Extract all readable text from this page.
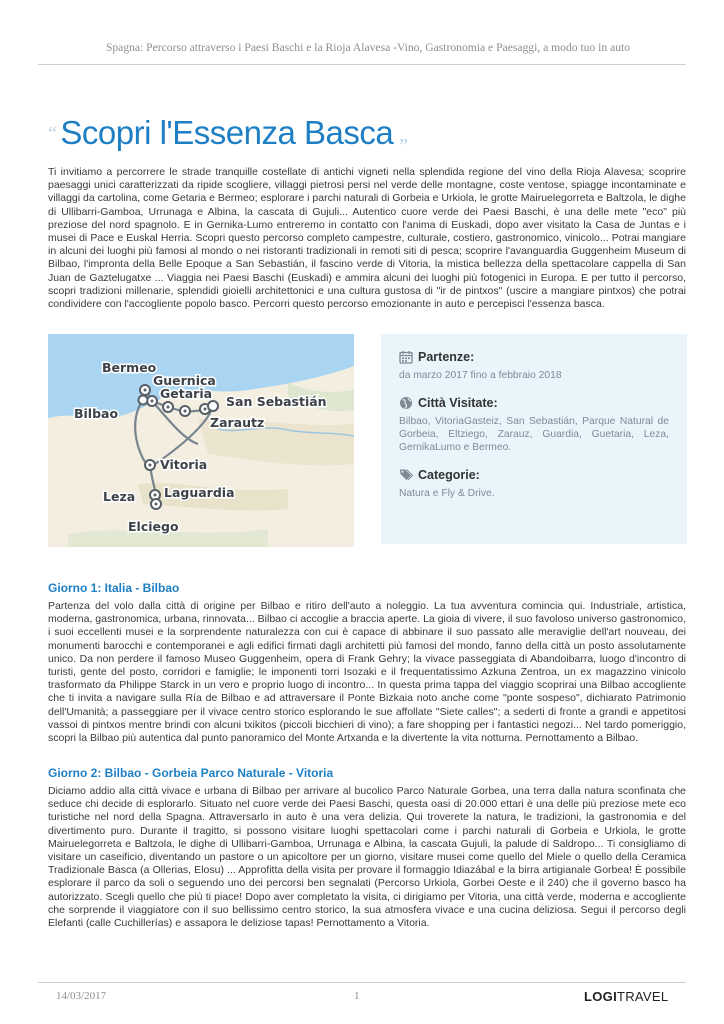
Spagna: Percorso attraverso i Paesi Baschi e la Rioja Alavesa -Vino, Gastronomia e Paesaggi, a modo tuo in auto
“ Scopri l'Essenza Basca $_”$

Ti invitiamo a percorrere le strade tranquille costellate di antichi vigneti nella splendida regione del vino della Rioja Alavesa; scoprire paesaggi unici caratterizzati da ripide scogliere, villaggi pietrosi persi nel verde delle montagne, coste ventose, spiagge incontaminate e villaggi da cartolina, come Getaria e Bermeo; esplorare i parchi naturali di Gorbeia e Urkiola, le grotte Mairuelegorreta e Baltzola, le dighe di Ullibarri-Gamboa, Urrunaga e Albina, la cascata di Gujuli... Autentico cuore verde dei Paesi Baschi, è una delle mete "eco" più preziose del nord spagnolo. E in Gernika-Lumo entreremo in contatto con l'anima di Euskadi, dopo aver visitato la Casa de Juntas e i musei di Pace e Euskal Herria. Scopri questo percorso completo campestre, culturale, costiero, gastronomico, vinicolo... Potrai mangiare in alcuni dei luoghi più famosi al mondo o nei ristoranti tradizionali in remoti siti di pesca; scoprire l'avanguardia Guggenheim Museum di Bilbao, l'impronta della Belle Epoque a San Sebastián, il fascino verde di Vitoria, la mistica bellezza della spettacolare cappella di San Juan de Gaztelugatxe ... Viaggia nei Paesi Baschi (Euskadi) e ammira alcuni dei luoghi più fotogenici in Europa. E per tutto il percorso, scopri tradizioni millenarie, splendidi gioielli architettonici e una cultura gustosa di "ir de pintxos" (uscire a mangiare pintxos) che potrai condividere con l'accogliente popolo basco. Percorri questo percorso emozionante in auto e percepisci l'essenza basca.

Bermeo
Guernica
Getaria
San Sebastián
Bilbao
Zarautz
Vitoria
Leza Laguardia
Elciego
Partenze:

da marzo 2017 fino a febbraio 2018

Città Visitate:

Bilbao, VitoriaGasteiz, San Sebastián, Parque Natural de Gorbeia, Eltziego, Zarauz, Guardia, Guetaria, Leza, GernikaLumo e Bermeo.

Categorie:

Natura e Fly & Drive.

Giorno 1: Italia - Bilbao

Partenza del volo dalla città di origine per Bilbao e ritiro dell'auto a noleggio. La tua avventura comincia qui. Industriale, artistica, moderna, gastronomica, urbana, rinnovata... Bilbao ci accoglie a braccia aperte. La gioia di vivere, il suo favoloso universo gastronomico, i suoi eccellenti musei e la sorprendente naturalezza con cui è capace di abbinare il suo passato alle meraviglie dell'art nouveau, dei monumenti barocchi e contemporanei e agli edifici firmati dagli architetti più famosi del mondo, fanno della città un posto assolutamente unico. Da non perdere il famoso Museo Guggenheim, opera di Frank Gehry; la vivace passeggiata di Abandoibarra, luogo d'incontro di turisti, gente del posto, corridori e famiglie; le imponenti torri Isozaki e il frequentatissimo Azkuna Zentroa, un ex magazzino vinicolo trasformato da Philippe Starck in un vero e proprio luogo di incontro... In questa prima tappa del viaggio scoprirai una Bilbao accogliente che ti invita a navigare sulla Ría de Bilbao e ad attraversare il Ponte Bizkaia noto anche come "ponte sospeso", dichiarato Patrimonio dell'Umanità; a passeggiare per il vivace centro storico esplorando le sue affollate "Siete calles"; a sederti di fronte a grandi e appetitosi vassoi di pintxos mentre brindi con alcuni txikitos (piccoli bicchieri di vino); a fare shopping per i fantastici negozi... Nel tardo pomeriggio, scopri la Bilbao più autentica dal punto panoramico del Monte Artxanda e la divertente la vita notturna. Pernottamento a Bilbao.

Giorno 2: Bilbao - Gorbeia Parco Naturale - Vitoria

Diciamo addio alla città vivace e urbana di Bilbao per arrivare al bucolico Parco Naturale Gorbea, una terra dalla natura sconfinata che seduce chi decide di esplorarlo. Situato nel cuore verde dei Paesi Baschi, questa oasi di 20.000 ettari è una delle più preziose mete eco turistiche nel nord della Spagna. Attraversarlo in auto è una vera delizia. Qui troverete la natura, le tradizioni, la gastronomia e del divertimento puro. Durante il tragitto, si possono visitare luoghi spettacolari come i parchi naturali di Gorbeia e Urkiola, le grotte Mairuelegorreta e Baltzola, le dighe di Ullibarri-Gamboa, Urrunaga e Albina, la cascata Gujuli, la palude di Saldropo... Ti consigliamo di visitare un caseificio, diventando un pastore o un apicoltore per un giorno, visitare musei come quello del Miele o quello della Ceramica Tradizionale Basca (a Ollerias, Elosu) ... Approfitta della visita per provare il formaggio Idiazábal e la birra artigianale Gorbea! È possibile esplorare il parco da soli o seguendo uno dei percorsi ben segnalati (Percorso Urkiola, Gorbei Oeste e il 240) che il governo basco ha autorizzato. Scegli quello che più ti piace! Dopo aver completato la visita, ci dirigiamo per Vitoria, una città verde, moderna e accogliente che sorprende il viaggiatore con il suo bellissimo centro storico, la sua atmosfera vivace e una cucina deliziosa. Segui il percorso degli Elefanti (calle Cuchillerías) e assapora le deliziose tapas! Pernottamento a Vitoria.

14/03/2017	1	LOGITRAVEL
